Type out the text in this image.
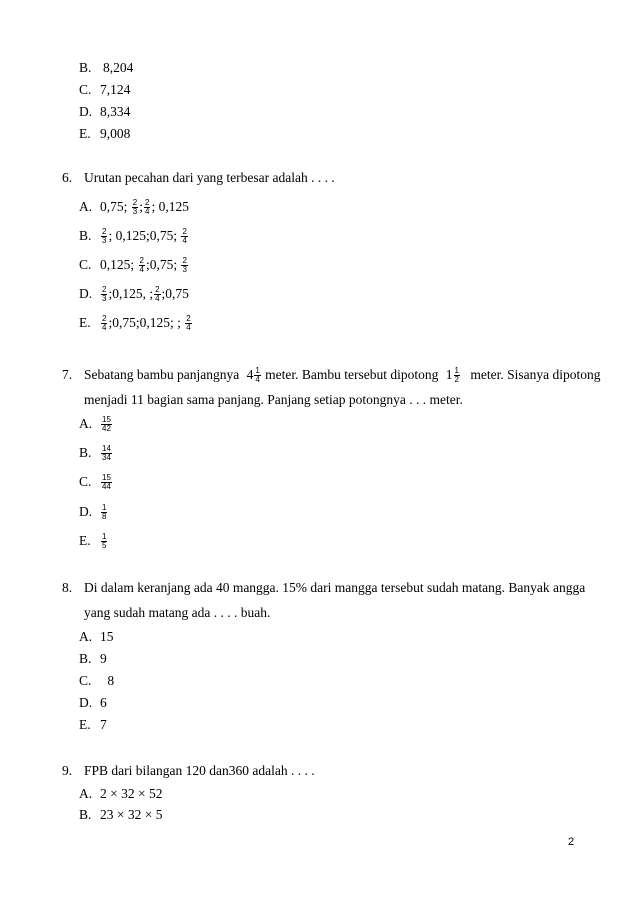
B. 8,204
C. 7,124
D. 8,334
E. 9,008
6. Urutan pecahan dari yang terbesar adalah . . . .
A. 0,75; $\frac{2}{3}$ ; $\frac{2}{4}$ ; 0,125
B. $\frac{2}{3}$ ; 0,125;0,75; $\frac{2}{4}$
C. 0,125; $\frac{2}{4}$ ;0,75; $\frac{2}{3}$
D. $\frac{2}{3}$ ;0,125, ; $\frac{2}{4}$ ;0,75
E. $\frac{2}{4}$ ;0,75;0,125; ; $\frac{2}{4}$
7. Sebatang bambu panjangnya $4 \frac{1}{4}$ meter. Bambu tersebut dipotong $1 \frac{1}{2}$ meter. Sisanya dipotong
menjadi 11 bagian sama panjang. Panjang setiap potongnya . . . meter.
A. $\frac{15}{42}$
B. $\frac{14}{34}$
C. $\frac{15}{44}$
D. $\frac{1}{8}$
E. $\frac{1}{5}$
8. Di dalam keranjang ada 40 mangga. 15% dari mangga tersebut sudah matang. Banyak angga
yang sudah matang ada . . . . buah.
A. 15
B. 9
C. 8
D. 6
E. 7
9. FPB dari bilangan 120 dan360 adalah . . . .
A. 2 × 32 × 52
B. 23 × 32 × 5
2
